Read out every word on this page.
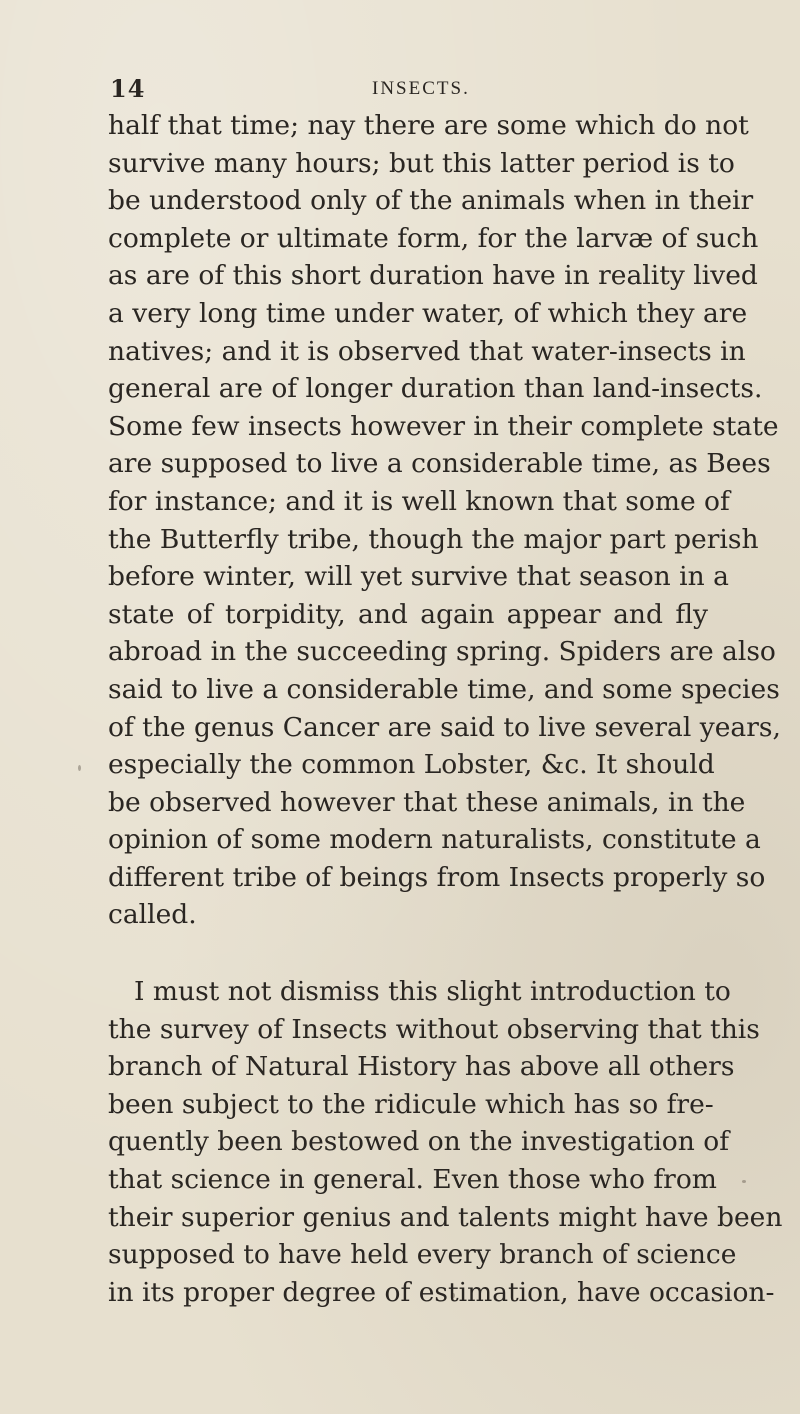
14	INSECTS.
half that time; nay there are some which do not
survive many hours; but this latter period is to
be understood only of the animals when in their
complete or ultimate form, for the larvæ of such
as are of this short duration have in reality lived
a very long time under water, of which they are
natives; and it is observed that water-insects in
general are of longer duration than land-insects.
Some few insects however in their complete state
are supposed to live a considerable time, as Bees
for instance; and it is well known that some of
the Butterfly tribe, though the major part perish
before winter, will yet survive that season in a
state of torpidity, and again appear and fly
abroad in the succeeding spring. Spiders are also
said to live a considerable time, and some species
of the genus Cancer are said to live several years,
especially the common Lobster, &c. It should
be observed however that these animals, in the
opinion of some modern naturalists, constitute a
different tribe of beings from Insects properly so
called.
I must not dismiss this slight introduction to
the survey of Insects without observing that this
branch of Natural History has above all others
been subject to the ridicule which has so fre-
quently been bestowed on the investigation of
that science in general. Even those who from
their superior genius and talents might have been
supposed to have held every branch of science
in its proper degree of estimation, have occasion-
